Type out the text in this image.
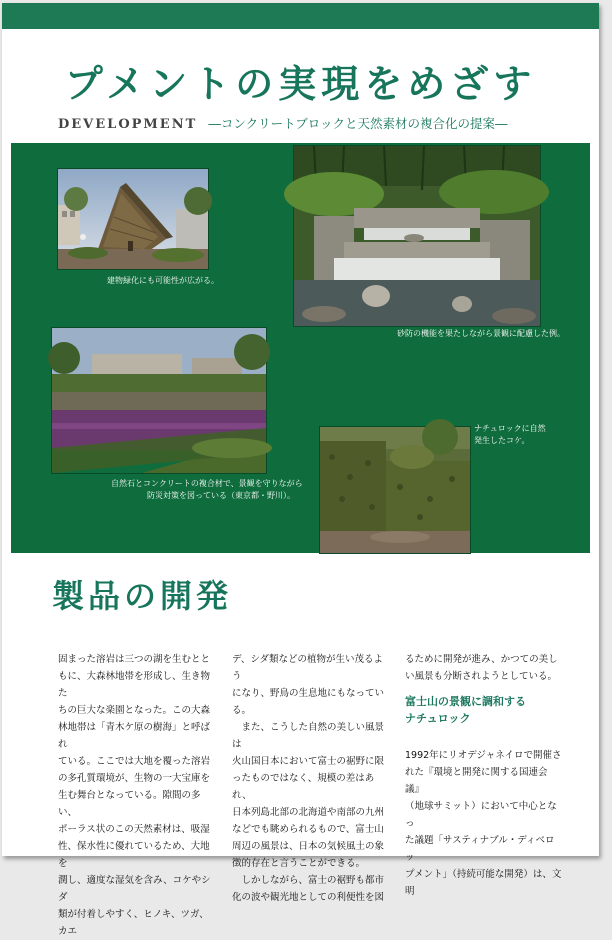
プメントの実現をめざす
DEVELOPMENT ―コンクリートブロックと天然素材の複合化の提案―

建物緑化にも可能性が広がる。

砂防の機能を果たしながら景観に配慮した例。

自然石とコンクリートの複合材で、景観を守りながら
防災対策を図っている（東京都・野川）。

ナチュロックに自然
発生したコケ。

製品の開発

固まった溶岩は三つの湖を生むとと
もに、大森林地帯を形成し、生き物た
ちの巨大な楽園となった。この大森
林地帯は「青木ケ原の樹海」と呼ばれ
ている。ここでは大地を覆った溶岩
の多孔質環境が、生物の一大宝庫を
生む舞台となっている。隙間の多い、
ポーラス状のこの天然素材は、吸湿
性、保水性に優れているため、大地を
潤し、適度な湿気を含み、コケやシダ
類が付着しやすく、ヒノキ、ツガ、カエ

デ、シダ類などの植物が生い茂るよう
になり、野鳥の生息地にもなっている。
　また、こうした自然の美しい風景は
火山国日本において富士の裾野に限
ったものではなく、規模の差はあれ、
日本列島北部の北海道や南部の九州
などでも眺められるもので、富士山
周辺の風景は、日本の気候風土の象
徴的存在と言うことができる。
　しかしながら、富士の裾野も都市
化の波や観光地としての利便性を図

るために開発が進み、かつての美し
い風景も分断されようとしている。

富士山の景観に調和する
ナチュロック

1992年にリオデジャネイロで開催さ
れた『環境と開発に関する国連会議』
（地球サミット）において中心となっ
た議題「サスティナブル・ディベロッ
プメント」（持続可能な開発）は、文明
